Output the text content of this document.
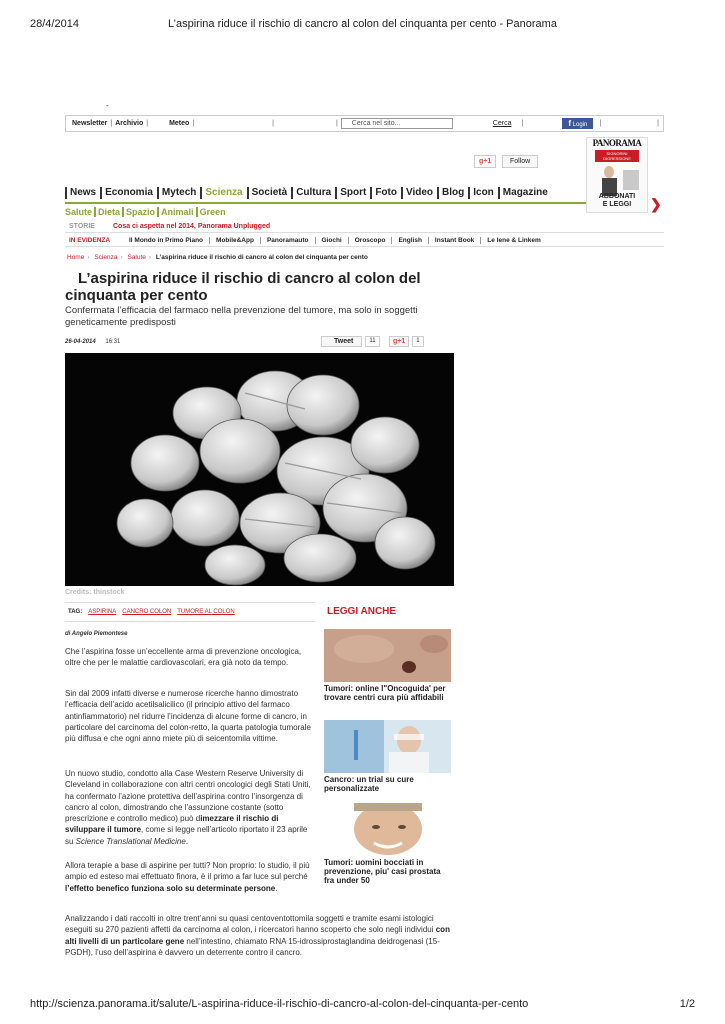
28/4/2014	L’aspirina riduce il rischio di cancro al colon del cinquanta per cento - Panorama
-
Newsletter | Archivio |	Meteo |	|	|	Cerca nel sito...	Cerca |	f Login	|	|
g+1	Follow
PANORAMA
SIGNORINI DIGRESSIONE
ABBONATI
E LEGGI	❯
News Economia Mytech Scienza Società Cultura Sport Foto Video Blog Icon Magazine
Salute Dieta Spazio Animali Green
STORIE	Cosa ci aspetta nel 2014, Panorama Unplugged
IN EVIDENZA	Il Mondo in Primo Piano	Mobile&App	Panoramauto	Giochi	Oroscopo	English	Instant Book	Le Iene & Linkem
Home › Scienza › Salute › L’aspirina riduce il rischio di cancro al colon del cinquanta per cento
L’aspirina riduce il rischio di cancro al colon del cinquanta per cento
Confermata l’efficacia del farmaco nella prevenzione del tumore, ma solo in soggetti geneticamente predisposti
26-04-2014 16:31	Tweet	11	g+1	1
Credits: thinstock
TAG: ASPIRINA CANCRO COLON TUMORE AL COLON
di Angelo Piemontese
Che l’aspirina fosse un’eccellente arma di prevenzione oncologica, oltre che per le malattie cardiovascolari, era già noto da tempo.
Sin dal 2009 infatti diverse e numerose ricerche hanno dimostrato l’efficacia dell’acido acetilsalicilico (il principio attivo del farmaco antinfiammatorio) nel ridurre l’incidenza di alcune forme di cancro, in particolare del carcinoma del colon-retto, la quarta patologia tumorale più diffusa e che ogni anno miete più di seicentomila vittime.
Un nuovo studio, condotto alla Case Western Reserve University di Cleveland in collaborazione con altri centri oncologici degli Stati Uniti, ha confermato l’azione protettiva dell’aspirina contro l’insorgenza di cancro al colon, dimostrando che l’assunzione costante (sotto prescrizione e controllo medico) può dimezzare il rischio di sviluppare il tumore, come si legge nell’articolo riportato il 23 aprile su Science Translational Medicine.
Allora terapie a base di aspirine per tutti? Non proprio: lo studio, il più ampio ed esteso mai effettuato finora, è il primo a far luce sul perché l’effetto benefico funziona solo su determinate persone.
Analizzando i dati raccolti in oltre trent’anni su quasi centoventottomila soggetti e tramite esami istologici eseguiti su 270 pazienti affetti da carcinoma al colon, i ricercatori hanno scoperto che solo negli individui con alti livelli di un particolare gene nell’intestino, chiamato RNA 15-idrossiprostaglandina deidrogenasi (15-PGDH), l’uso dell’aspirina è davvero un deterrente contro il cancro.
LEGGI ANCHE
Tumori: online l"Oncoguida' per trovare centri cura più affidabili
Cancro: un trial su cure personalizzate
Tumori: uomini bocciati in prevenzione, piu' casi prostata fra under 50
http://scienza.panorama.it/salute/L-aspirina-riduce-il-rischio-di-cancro-al-colon-del-cinquanta-per-cento	1/2
